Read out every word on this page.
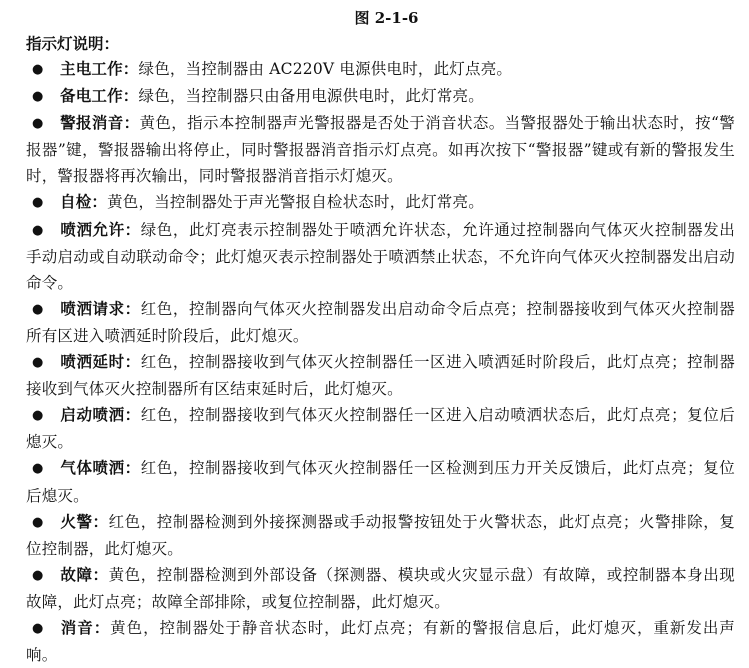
图 2-1-6
指示灯说明：
● 主电工作：绿色，当控制器由 AC220V 电源供电时，此灯点亮。
● 备电工作：绿色，当控制器只由备用电源供电时，此灯常亮。
● 警报消音：黄色，指示本控制器声光警报器是否处于消音状态。当警报器处于输出状态时，按“警报器”键，警报器输出将停止，同时警报器消音指示灯点亮。如再次按下“警报器”键或有新的警报发生时，警报器将再次输出，同时警报器消音指示灯熄灭。
● 自检：黄色，当控制器处于声光警报自检状态时，此灯常亮。
● 喷洒允许：绿色，此灯亮表示控制器处于喷洒允许状态，允许通过控制器向气体灭火控制器发出手动启动或自动联动命令；此灯熄灭表示控制器处于喷洒禁止状态，不允许向气体灭火控制器发出启动命令。
● 喷洒请求：红色，控制器向气体灭火控制器发出启动命令后点亮；控制器接收到气体灭火控制器所有区进入喷洒延时阶段后，此灯熄灭。
● 喷洒延时：红色，控制器接收到气体灭火控制器任一区进入喷洒延时阶段后，此灯点亮；控制器接收到气体灭火控制器所有区结束延时后，此灯熄灭。
● 启动喷洒：红色，控制器接收到气体灭火控制器任一区进入启动喷洒状态后，此灯点亮；复位后熄灭。
● 气体喷洒：红色，控制器接收到气体灭火控制器任一区检测到压力开关反馈后，此灯点亮；复位后熄灭。
● 火警：红色，控制器检测到外接探测器或手动报警按钮处于火警状态，此灯点亮；火警排除，复位控制器，此灯熄灭。
● 故障：黄色，控制器检测到外部设备（探测器、模块或火灾显示盘）有故障，或控制器本身出现故障，此灯点亮；故障全部排除，或复位控制器，此灯熄灭。
● 消音：黄色，控制器处于静音状态时，此灯点亮；有新的警报信息后，此灯熄灭，重新发出声响。
